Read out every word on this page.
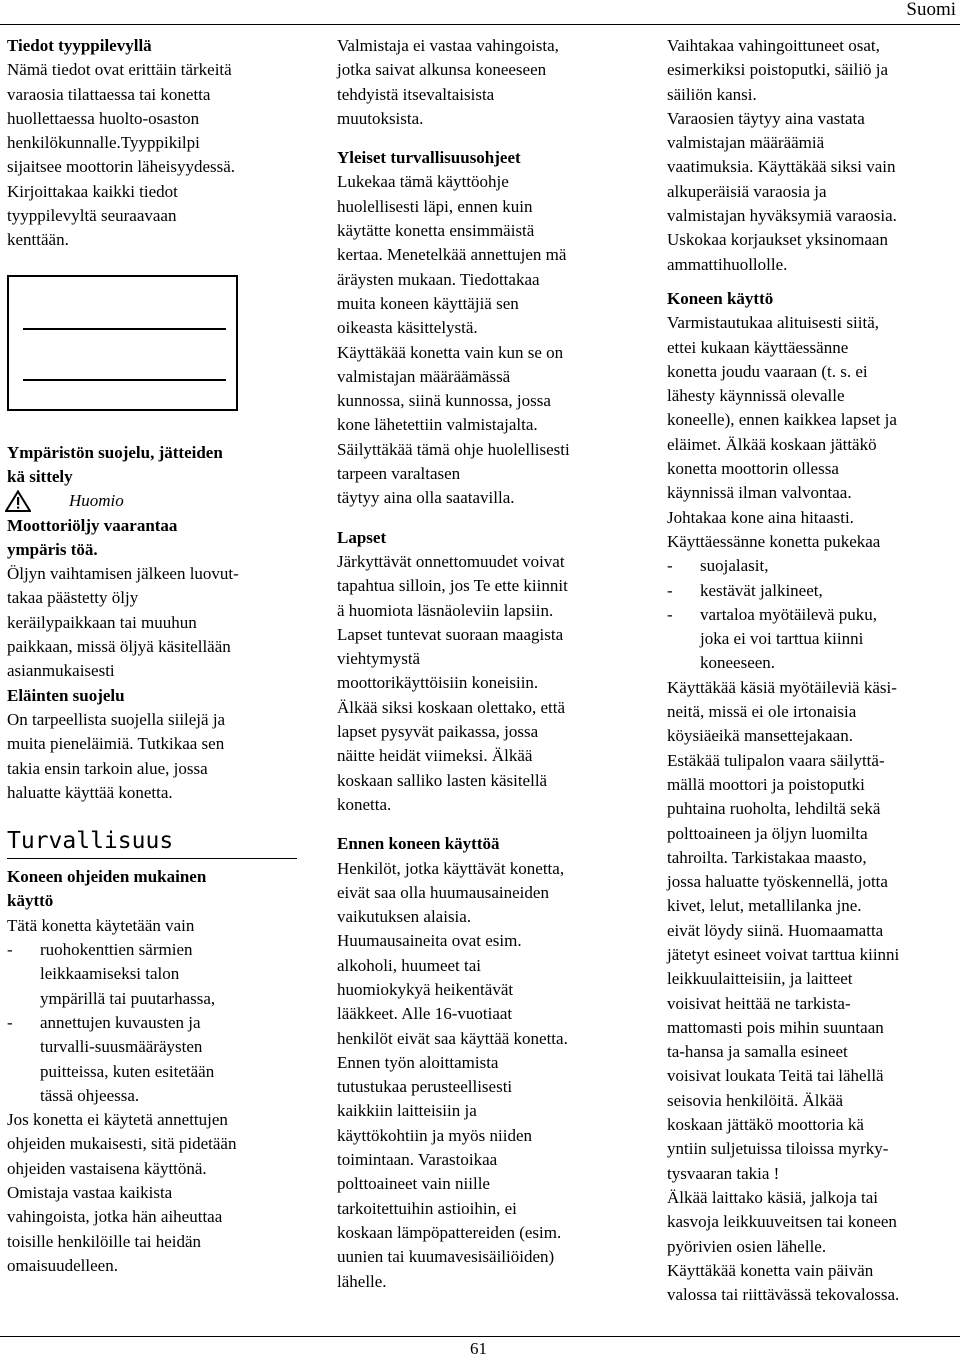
Suomi

Tiedot tyyppilevyllä

Nämä tiedot ovat erittäin tärkeitä
varaosia tilattaessa tai konetta
huollettaessa huolto-osaston
henkilökunnalle.Tyyppikilpi
sijaitsee moottorin läheisyydessä.
Kirjoittakaa kaikki tiedot
tyyppilevyltä seuraavaan
kenttään.

Ympäristön suojelu, jätteiden
kä sittely

Huomio

Moottoriöljy vaarantaa
ympäris töä.

Öljyn vaihtamisen jälkeen luovut-
takaa päästetty öljy
keräilypaikkaan tai muuhun
paikkaan, missä öljyä käsitellään
asianmukaisesti

Eläinten suojelu

On tarpeellista suojella siilejä ja
muita pieneläimiä. Tutkikaa sen
takia ensin tarkoin alue, jossa
haluatte käyttää konetta.

Turvallisuus

Koneen ohjeiden mukainen
käyttö

Tätä konetta käytetään vain

- ruohokenttien särmien
leikkaamiseksi talon
ympärillä tai puutarhassa,

- annettujen kuvausten ja
turvalli-suusmääräysten
puitteissa, kuten esitetään
tässä ohjeessa.

Jos konetta ei käytetä annettujen
ohjeiden mukaisesti, sitä pidetään
ohjeiden vastaisena käyttönä.
Omistaja vastaa kaikista
vahingoista, jotka hän aiheuttaa
toisille henkilöille tai heidän
omaisuudelleen.

Valmistaja ei vastaa vahingoista,
jotka saivat alkunsa koneeseen
tehdyistä itsevaltaisista
muutoksista.

Yleiset turvallisuusohjeet

Lukekaa tämä käyttöohje
huolellisesti läpi, ennen kuin
käytätte konetta ensimmäistä
kertaa. Menetelkää annettujen mä
äräysten mukaan. Tiedottakaa
muita koneen käyttäjiä sen
oikeasta käsittelystä.
Käyttäkää konetta vain kun se on
valmistajan määräämässä
kunnossa, siinä kunnossa, jossa
kone lähetettiin valmistajalta.
Säilyttäkää tämä ohje huolellisesti
tarpeen varaltasen
täytyy aina olla saatavilla.

Lapset

Järkyttävät onnettomuudet voivat
tapahtua silloin, jos Te ette kiinnit
ä huomiota läsnäoleviin lapsiin.
Lapset tuntevat suoraan maagista
viehtymystä
moottorikäyttöisiin koneisiin.
Älkää siksi koskaan olettako, että
lapset pysyvät paikassa, jossa
näitte heidät viimeksi. Älkää
koskaan salliko lasten käsitellä
konetta.

Ennen koneen käyttöä

Henkilöt, jotka käyttävät konetta,
eivät saa olla huumausaineiden
vaikutuksen alaisia.
Huumausaineita ovat esim.
alkoholi, huumeet tai
huomiokykyä heikentävät
lääkkeet. Alle 16-vuotiaat
henkilöt eivät saa käyttää konetta.
Ennen työn aloittamista
tutustukaa perusteellisesti
kaikkiin laitteisiin ja
käyttökohtiin ja myös niiden
toimintaan. Varastoikaa
polttoaineet vain niille
tarkoitettuihin astioihin, ei
koskaan lämpöpattereiden (esim.
uunien tai kuumavesisäiliöiden)
lähelle.

Vaihtakaa vahingoittuneet osat,
esimerkiksi poistoputki, säiliö ja
säiliön kansi.
Varaosien täytyy aina vastata
valmistajan määräämiä
vaatimuksia. Käyttäkää siksi vain
alkuperäisiä varaosia ja
valmistajan hyväksymiä varaosia.
Uskokaa korjaukset yksinomaan
ammattihuollolle.

Koneen käyttö

Varmistautukaa alituisesti siitä,
ettei kukaan käyttäessänne
konetta joudu vaaraan (t. s. ei
lähesty käynnissä olevalle
koneelle), ennen kaikkea lapset ja
eläimet. Älkää koskaan jättäkö
konetta moottorin ollessa
käynnissä ilman valvontaa.
Johtakaa kone aina hitaasti.
Käyttäessänne konetta pukekaa

- suojalasit,

- kestävät jalkineet,

- vartaloa myötäilevä puku,
joka ei voi tarttua kiinni
koneeseen.

Käyttäkää käsiä myötäileviä käsi-
neitä, missä ei ole irtonaisia
köysiäeikä mansettejakaan.
Estäkää tulipalon vaara säilyttä-
mällä moottori ja poistoputki
puhtaina ruoholta, lehdiltä sekä
polttoaineen ja öljyn luomilta
tahroilta. Tarkistakaa maasto,
jossa haluatte työskennellä, jotta
kivet, lelut, metallilanka jne.
eivät löydy siinä. Huomaamatta
jätetyt esineet voivat tarttua kiinni
leikkuulaitteisiin, ja laitteet
voisivat heittää ne tarkista-
mattomasti pois mihin suuntaan
ta-hansa ja samalla esineet
voisivat loukata Teitä tai lähellä
seisovia henkilöitä. Älkää
koskaan jättäkö moottoria kä
yntiin suljetuissa tiloissa myrky-
tysvaaran takia !
Älkää laittako käsiä, jalkoja tai
kasvoja leikkuuveitsen tai koneen
pyörivien osien lähelle.
Käyttäkää konetta vain päivän
valossa tai riittävässä tekovalossa.

61
